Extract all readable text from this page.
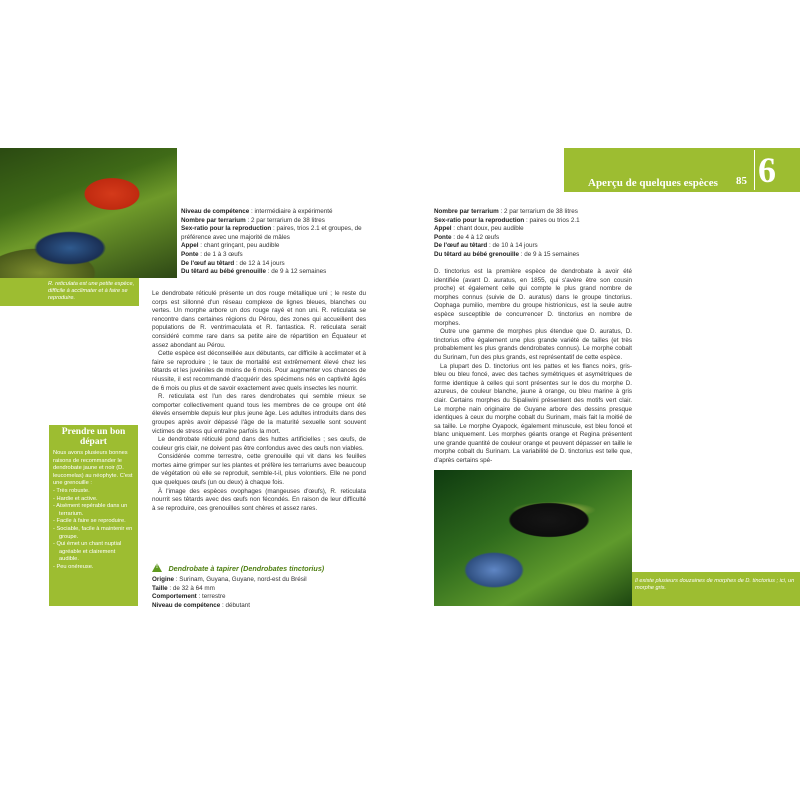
R. reticulata est une petite espèce, difficile à acclimater et à faire se reproduire.

Aperçu de quelques espèces 85 6
Niveau de compétence : intermédiaire à expérimenté
Nombre par terrarium : 2 par terrarium de 38 litres
Sex-ratio pour la reproduction : paires, trios 2.1 et groupes, de préférence avec une majorité de mâles
Appel : chant grinçant, peu audible
Ponte : de 1 à 3 œufs
De l'œuf au têtard : de 12 à 14 jours
Du têtard au bébé grenouille : de 9 à 12 semaines

Le dendrobate réticulé présente un dos rouge métallique uni ; le reste du corps est sillonné d'un réseau complexe de lignes bleues, blanches ou vertes. Un morphe arbore un dos rouge rayé et non uni. R. reticulata se rencontre dans certaines régions du Pérou, des zones qui accueillent des populations de R. ventrimaculata et R. fantastica. R. reticulata serait considéré comme rare dans sa petite aire de répartition en Équateur et assez abondant au Pérou.

Cette espèce est déconseillée aux débutants, car difficile à acclimater et à faire se reproduire ; le taux de mortalité est extrêmement élevé chez les têtards et les juvéniles de moins de 6 mois. Pour augmenter vos chances de réussite, il est recommandé d'acquérir des spécimens nés en captivité âgés de 6 mois ou plus et de savoir exactement avec quels insectes les nourrir.

R. reticulata est l'un des rares dendrobates qui semble mieux se comporter collectivement quand tous les membres de ce groupe ont été élevés ensemble depuis leur plus jeune âge. Les adultes introduits dans des groupes après avoir dépassé l'âge de la maturité sexuelle sont souvent victimes de stress qui entraîne parfois la mort.

Le dendrobate réticulé pond dans des huttes artificielles ; ses œufs, de couleur gris clair, ne doivent pas être confondus avec des œufs non viables.

Considérée comme terrestre, cette grenouille qui vit dans les feuilles mortes aime grimper sur les plantes et préfère les terrariums avec beaucoup de végétation où elle se reproduit, semble-t-il, plus volontiers. Elle ne pond que quelques œufs (un ou deux) à chaque fois.

À l'image des espèces ovophages (mangeuses d'œufs), R. reticulata nourrit ses têtards avec des œufs non fécondés. En raison de leur difficulté à se reproduire, ces grenouilles sont chères et assez rares.

Prendre un bon départ

Nous avons plusieurs bonnes raisons de recommander le dendrobate jaune et noir (D. leucomelas) au néophyte. C'est une grenouille :

- Très robuste.
- Hardie et active.
- Aisément repérable dans un terrarium.
- Facile à faire se reproduire.
- Sociable, facile à maintenir en groupe.
- Qui émet un chant nuptial agréable et clairement audible.
- Peu onéreuse.	! Dendrobate à tapirer (Dendrobates tinctorius)
Origine : Surinam, Guyana, Guyane, nord-est du Brésil
Taille : de 32 à 64 mm
Comportement : terrestre
Niveau de compétence : débutant
Nombre par terrarium : 2 par terrarium de 38 litres
Sex-ratio pour la reproduction : paires ou trios 2.1
Appel : chant doux, peu audible
Ponte : de 4 à 12 œufs
De l'œuf au têtard : de 10 à 14 jours
Du têtard au bébé grenouille : de 9 à 15 semaines

D. tinctorius est la première espèce de dendrobate à avoir été identifiée (avant D. auratus, en 1855, qui s'avère être son cousin proche) et également celle qui compte le plus grand nombre de morphes connus (suivie de D. auratus) dans le groupe tinctorius. Oophaga pumilio, membre du groupe histrionicus, est la seule autre espèce susceptible de concurrencer D. tinctorius en nombre de morphes.

Outre une gamme de morphes plus étendue que D. auratus, D. tinctorius offre également une plus grande variété de tailles (et très probablement les plus grands dendrobates connus). Le morphe cobalt du Surinam, l'un des plus grands, est représentatif de cette espèce.

La plupart des D. tinctorius ont les pattes et les flancs noirs, gris-bleu ou bleu foncé, avec des taches symétriques et asymétriques de forme identique à celles qui sont présentes sur le dos du morphe D. azureus, de couleur blanche, jaune à orange, ou bleu marine à gris clair. Certains morphes du Sipaliwini présentent des motifs vert clair. Le morphe nain originaire de Guyane arbore des dessins presque identiques à ceux du morphe cobalt du Surinam, mais fait la moitié de sa taille. Le morphe Oyapock, également minuscule, est bleu foncé et blanc uniquement. Les morphes géants orange et Regina présentent une grande quantité de couleur orange et peuvent dépasser en taille le morphe cobalt du Surinam. La variabilité de D. tinctorius est telle que, d'après certains spé-

Il existe plusieurs douzaines de morphes de D. tinctorius ; ici, un morphe gris.
